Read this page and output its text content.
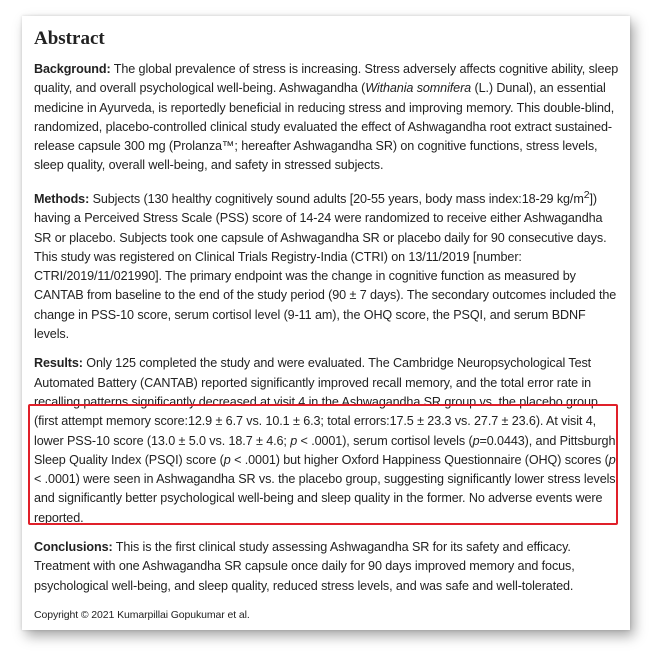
Abstract

Background: The global prevalence of stress is increasing. Stress adversely affects cognitive ability, sleep quality, and overall psychological well-being. Ashwagandha (Withania somnifera (L.) Dunal), an essential medicine in Ayurveda, is reportedly beneficial in reducing stress and improving memory. This double-blind, randomized, placebo-controlled clinical study evaluated the effect of Ashwagandha root extract sustained-release capsule 300 mg (Prolanza™; hereafter Ashwagandha SR) on cognitive functions, stress levels, sleep quality, overall well-being, and safety in stressed subjects.

Methods: Subjects (130 healthy cognitively sound adults [20-55 years, body mass index:18-29 $kg/m^2$]) having a Perceived Stress Scale (PSS) score of 14-24 were randomized to receive either Ashwagandha SR or placebo. Subjects took one capsule of Ashwagandha SR or placebo daily for 90 consecutive days. This study was registered on Clinical Trials Registry-India (CTRI) on 13/11/2019 [number: CTRI/2019/11/021990]. The primary endpoint was the change in cognitive function as measured by CANTAB from baseline to the end of the study period (90 ± 7 days). The secondary outcomes included the change in PSS-10 score, serum cortisol level (9-11 am), the OHQ score, the PSQI, and serum BDNF levels.

Results: Only 125 completed the study and were evaluated. The Cambridge Neuropsychological Test Automated Battery (CANTAB) reported significantly improved recall memory, and the total error rate in recalling patterns significantly decreased at visit 4 in the Ashwagandha SR group vs. the placebo group (first attempt memory score:12.9 ± 6.7 vs. 10.1 ± 6.3; total errors:17.5 ± 23.3 vs. 27.7 ± 23.6). At visit 4, lower PSS-10 score (13.0 ± 5.0 vs. 18.7 ± 4.6; p < .0001), serum cortisol levels (p=0.0443), and Pittsburgh Sleep Quality Index (PSQI) score (p < .0001) but higher Oxford Happiness Questionnaire (OHQ) scores (p < .0001) were seen in Ashwagandha SR vs. the placebo group, suggesting significantly lower stress levels and significantly better psychological well-being and sleep quality in the former. No adverse events were reported.

Conclusions: This is the first clinical study assessing Ashwagandha SR for its safety and efficacy. Treatment with one Ashwagandha SR capsule once daily for 90 days improved memory and focus, psychological well-being, and sleep quality, reduced stress levels, and was safe and well-tolerated.

Copyright © 2021 Kumarpillai Gopukumar et al.
